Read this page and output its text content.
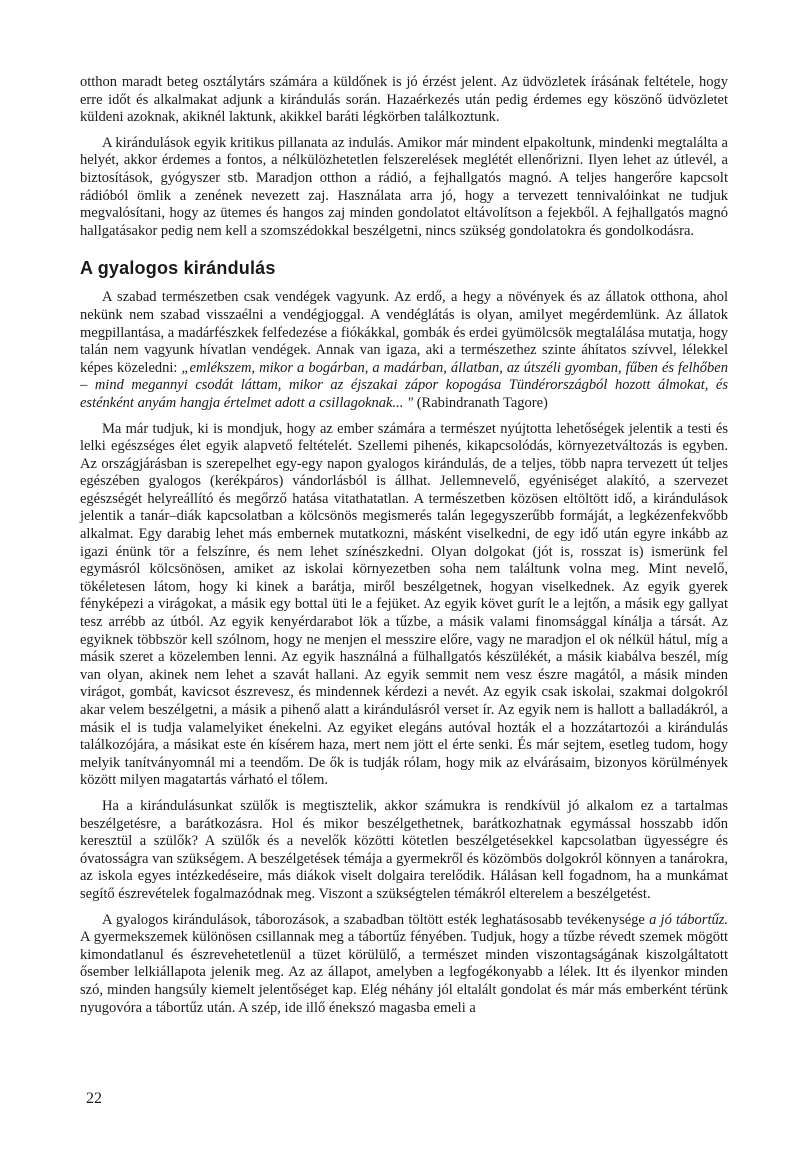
otthon maradt beteg osztálytárs számára a küldőnek is jó érzést jelent. Az üdvözletek írásának feltétele, hogy erre időt és alkalmakat adjunk a kirándulás során. Hazaérkezés után pedig érdemes egy köszönő üdvözletet küldeni azoknak, akiknél laktunk, akikkel baráti légkörben találkoztunk.

A kirándulások egyik kritikus pillanata az indulás. Amikor már mindent elpakoltunk, mindenki megtalálta a helyét, akkor érdemes a fontos, a nélkülözhetetlen felszerelések meglétét ellenőrizni. Ilyen lehet az útlevél, a biztosítások, gyógyszer stb. Maradjon otthon a rádió, a fejhallgatós magnó. A teljes hangerőre kapcsolt rádióból ömlik a zenének nevezett zaj. Használata arra jó, hogy a tervezett tennivalóinkat ne tudjuk megvalósítani, hogy az ütemes és hangos zaj minden gondolatot eltávolítson a fejekből. A fejhallgatós magnó hallgatásakor pedig nem kell a szomszédokkal beszélgetni, nincs szükség gondolatokra és gondolkodásra.

A gyalogos kirándulás

A szabad természetben csak vendégek vagyunk. Az erdő, a hegy a növények és az állatok otthona, ahol nekünk nem szabad visszaélni a vendégjoggal. A vendéglátás is olyan, amilyet megérdemlünk. Az állatok megpillantása, a madárfészkek felfedezése a fiókákkal, gombák és erdei gyümölcsök megtalálása mutatja, hogy talán nem vagyunk hívatlan vendégek. Annak van igaza, aki a természethez szinte áhítatos szívvel, lélekkel képes közeledni: „emlékszem, mikor a bogárban, a madárban, állatban, az útszéli gyomban, fűben és felhőben – mind megannyi csodát láttam, mikor az éjszakai zápor kopogása Tündérországból hozott álmokat, és esténként anyám hangja értelmet adott a csillagoknak... " (Rabindranath Tagore)

Ma már tudjuk, ki is mondjuk, hogy az ember számára a természet nyújtotta lehetőségek jelentik a testi és lelki egészséges élet egyik alapvető feltételét. Szellemi pihenés, kikapcsolódás, környezetváltozás is egyben. Az országjárásban is szerepelhet egy-egy napon gyalogos kirándulás, de a teljes, több napra tervezett út teljes egészében gyalogos (kerékpáros) vándorlásból is állhat. Jellemnevelő, egyéniséget alakító, a szervezet egészségét helyreállító és megőrző hatása vitathatatlan. A természetben közösen eltöltött idő, a kirándulások jelentik a tanár–diák kapcsolatban a kölcsönös megismerés talán legegyszerűbb formáját, a legkézenfekvőbb alkalmat. Egy darabig lehet más embernek mutatkozni, másként viselkedni, de egy idő után egyre inkább az igazi énünk tör a felszínre, és nem lehet színészkedni. Olyan dolgokat (jót is, rosszat is) ismerünk fel egymásról kölcsönösen, amiket az iskolai környezetben soha nem találtunk volna meg. Mint nevelő, tökéletesen látom, hogy ki kinek a barátja, miről beszélgetnek, hogyan viselkednek. Az egyik gyerek fényképezi a virágokat, a másik egy bottal üti le a fejüket. Az egyik követ gurít le a lejtőn, a másik egy gallyat tesz arrébb az útból. Az egyik kenyérdarabot lök a tűzbe, a másik valami finomsággal kínálja a társát. Az egyiknek többször kell szólnom, hogy ne menjen el messzire előre, vagy ne maradjon el ok nélkül hátul, míg a másik szeret a közelemben lenni. Az egyik használná a fülhallgatós készülékét, a másik kiabálva beszél, míg van olyan, akinek nem lehet a szavát hallani. Az egyik semmit nem vesz észre magától, a másik minden virágot, gombát, kavicsot észrevesz, és mindennek kérdezi a nevét. Az egyik csak iskolai, szakmai dolgokról akar velem beszélgetni, a másik a pihenő alatt a kirándulásról verset ír. Az egyik nem is hallott a balladákról, a másik el is tudja valamelyiket énekelni. Az egyiket elegáns autóval hozták el a hozzátartozói a kirándulás találkozójára, a másikat este én kísérem haza, mert nem jött el érte senki. És már sejtem, esetleg tudom, hogy melyik tanítványomnál mi a teendőm. De ők is tudják rólam, hogy mik az elvárásaim, bizonyos körülmények között milyen magatartás várható el tőlem.

Ha a kirándulásunkat szülők is megtisztelik, akkor számukra is rendkívül jó alkalom ez a tartalmas beszélgetésre, a barátkozásra. Hol és mikor beszélgethetnek, barátkozhatnak egymással hosszabb időn keresztül a szülők? A szülők és a nevelők közötti kötetlen beszélgetésekkel kapcsolatban ügyességre és óvatosságra van szükségem. A beszélgetések témája a gyermekről és közömbös dolgokról könnyen a tanárokra, az iskola egyes intézkedéseire, más diákok viselt dolgaira terelődik. Hálásan kell fogadnom, ha a munkámat segítő észrevételek fogalmazódnak meg. Viszont a szükségtelen témákról elterelem a beszélgetést.

A gyalogos kirándulások, táborozások, a szabadban töltött esték leghatásosabb tevékenysége a jó tábortűz. A gyermekszemek különösen csillannak meg a tábortűz fényében. Tudjuk, hogy a tűzbe révedt szemek mögött kimondatlanul és észrevehetetlenül a tüzet körülülő, a természet minden viszontagságának kiszolgáltatott ősember lelkiállapota jelenik meg. Az az állapot, amelyben a legfogékonyabb a lélek. Itt és ilyenkor minden szó, minden hangsúly kiemelt jelentőséget kap. Elég néhány jól eltalált gondolat és már más emberként térünk nyugovóra a tábortűz után. A szép, ide illő énekszó magasba emeli a

22
